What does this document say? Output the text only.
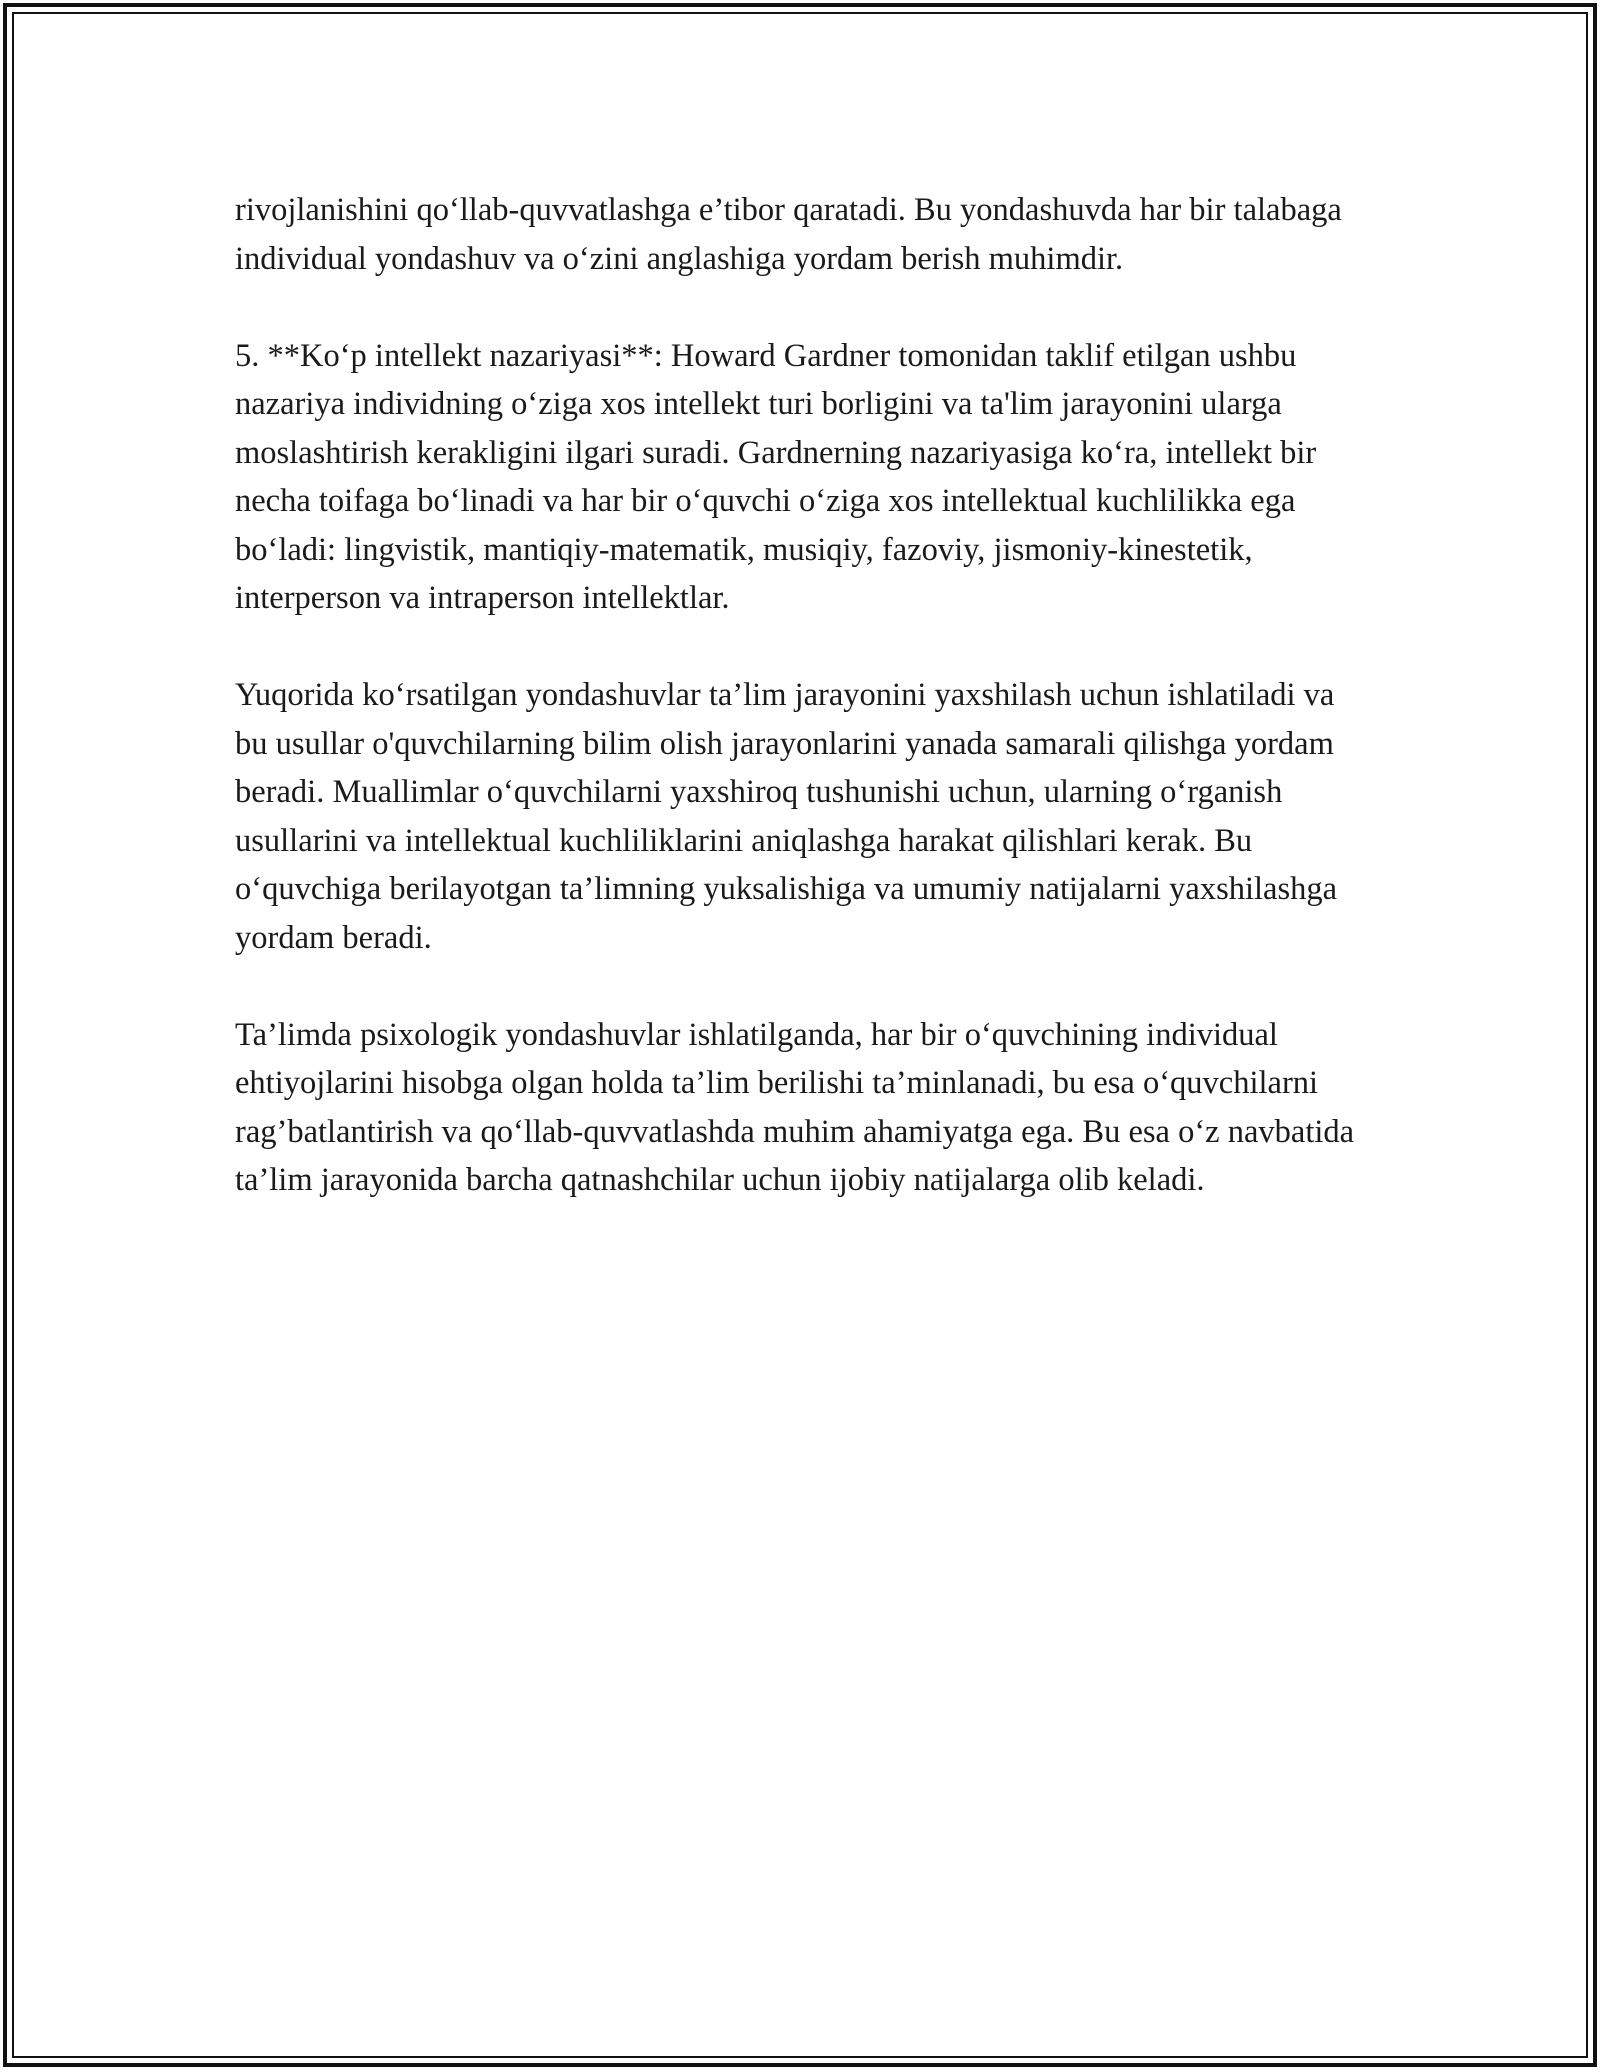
rivojlanishini qo‘llab-quvvatlashga e’tibor qaratadi. Bu yondashuvda har bir talabaga individual yondashuv va o‘zini anglashiga yordam berish muhimdir.

5. **Ko‘p intellekt nazariyasi**: Howard Gardner tomonidan taklif etilgan ushbu nazariya individning o‘ziga xos intellekt turi borligini va ta'lim jarayonini ularga moslashtirish kerakligini ilgari suradi. Gardnerning nazariyasiga ko‘ra, intellekt bir necha toifaga bo‘linadi va har bir o‘quvchi o‘ziga xos intellektual kuchlilikka ega bo‘ladi: lingvistik, mantiqiy-matematik, musiqiy, fazoviy, jismoniy-kinestetik, interperson va intraperson intellektlar.

Yuqorida ko‘rsatilgan yondashuvlar ta’lim jarayonini yaxshilash uchun ishlatiladi va bu usullar o'quvchilarning bilim olish jarayonlarini yanada samarali qilishga yordam beradi. Muallimlar o‘quvchilarni yaxshiroq tushunishi uchun, ularning o‘rganish usullarini va intellektual kuchliliklarini aniqlashga harakat qilishlari kerak. Bu o‘quvchiga berilayotgan ta’limning yuksalishiga va umumiy natijalarni yaxshilashga yordam beradi.

Ta’limda psixologik yondashuvlar ishlatilganda, har bir o‘quvchining individual ehtiyojlarini hisobga olgan holda ta’lim berilishi ta’minlanadi, bu esa o‘quvchilarni rag’batlantirish va qo‘llab-quvvatlashda muhim ahamiyatga ega. Bu esa o‘z navbatida ta’lim jarayonida barcha qatnashchilar uchun ijobiy natijalarga olib keladi.
